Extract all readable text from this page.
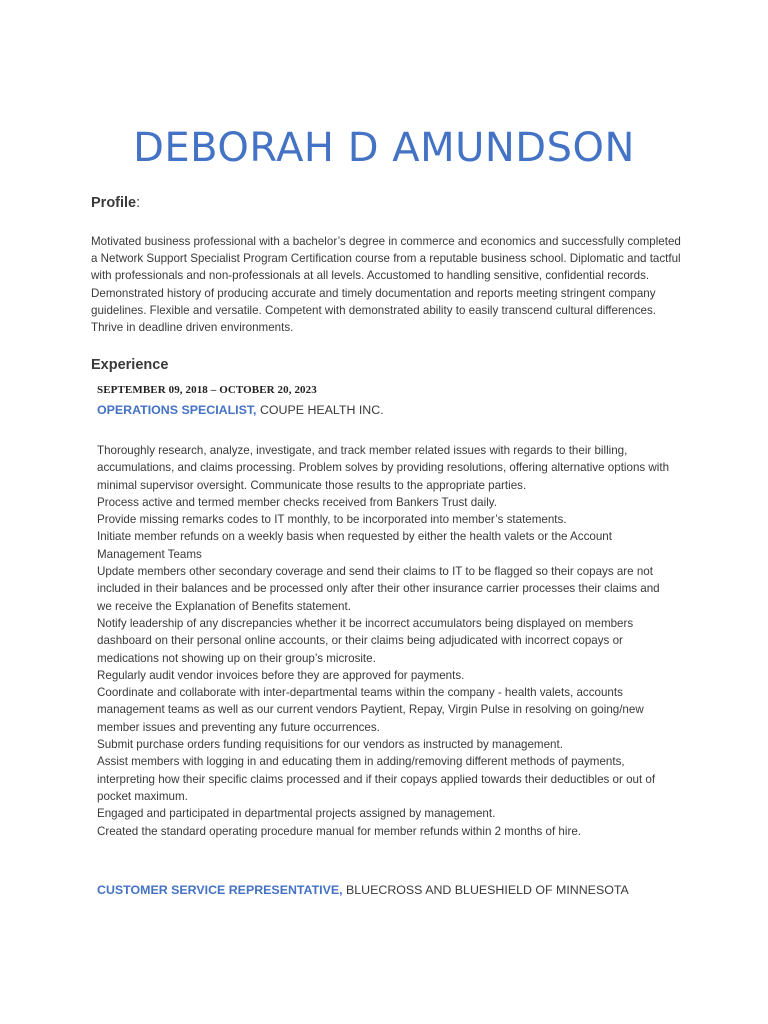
DEBORAH D AMUNDSON
Profile:

Motivated business professional with a bachelor’s degree in commerce and economics and successfully completed a Network Support Specialist Program Certification course from a reputable business school. Diplomatic and tactful with professionals and non-professionals at all levels. Accustomed to handling sensitive, confidential records. Demonstrated history of producing accurate and timely documentation and reports meeting stringent company guidelines. Flexible and versatile. Competent with demonstrated ability to easily transcend cultural differences. Thrive in deadline driven environments.

Experience
SEPTEMBER 09, 2018 – OCTOBER 20, 2023
OPERATIONS SPECIALIST, COUPE HEALTH INC.
Thoroughly research, analyze, investigate, and track member related issues with regards to their billing, accumulations, and claims processing. Problem solves by providing resolutions, offering alternative options with minimal supervisor oversight. Communicate those results to the appropriate parties.
Process active and termed member checks received from Bankers Trust daily.
Provide missing remarks codes to IT monthly, to be incorporated into member’s statements.
Initiate member refunds on a weekly basis when requested by either the health valets or the Account Management Teams
Update members other secondary coverage and send their claims to IT to be flagged so their copays are not included in their balances and be processed only after their other insurance carrier processes their claims and we receive the Explanation of Benefits statement.
Notify leadership of any discrepancies whether it be incorrect accumulators being displayed on members dashboard on their personal online accounts, or their claims being adjudicated with incorrect copays or medications not showing up on their group’s microsite.
Regularly audit vendor invoices before they are approved for payments.
Coordinate and collaborate with inter-departmental teams within the company - health valets, accounts management teams as well as our current vendors Paytient, Repay, Virgin Pulse in resolving on going/new member issues and preventing any future occurrences.
Submit purchase orders funding requisitions for our vendors as instructed by management.
Assist members with logging in and educating them in adding/removing different methods of payments, interpreting how their specific claims processed and if their copays applied towards their deductibles or out of pocket maximum.
Engaged and participated in departmental projects assigned by management.
Created the standard operating procedure manual for member refunds within 2 months of hire.
CUSTOMER SERVICE REPRESENTATIVE, BLUECROSS AND BLUESHIELD OF MINNESOTA
